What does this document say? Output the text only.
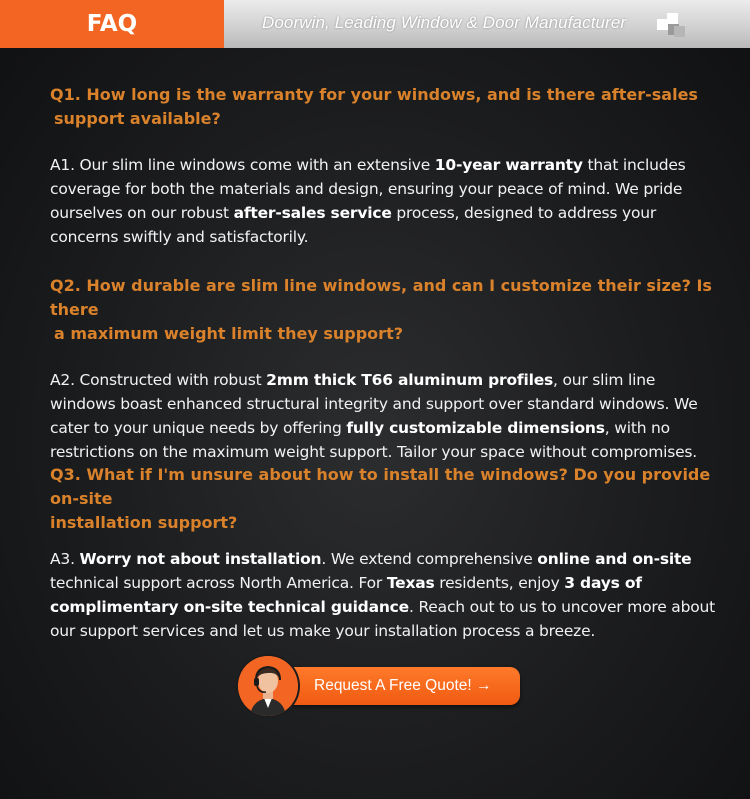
FAQ	Doorwin, Leading Window & Door Manufacturer
Q1. How long is the warranty for your windows, and is there after-sales
support available?
A1. Our slim line windows come with an extensive 10-year warranty that includes coverage for both the materials and design, ensuring your peace of mind. We pride ourselves on our robust after-sales service process, designed to address your concerns swiftly and satisfactorily.
Q2. How durable are slim line windows, and can I customize their size? Is there
a maximum weight limit they support?
A2. Constructed with robust 2mm thick T66 aluminum profiles, our slim line windows boast enhanced structural integrity and support over standard windows. We cater to your unique needs by offering fully customizable dimensions, with no restrictions on the maximum weight support. Tailor your space without compromises.
Q3. What if I'm unsure about how to install the windows? Do you provide on-site
installation support?
A3. Worry not about installation. We extend comprehensive online and on-site technical support across North America. For Texas residents, enjoy 3 days of complimentary on-site technical guidance. Reach out to us to uncover more about our support services and let us make your installation process a breeze.
Request A Free Quote! →
